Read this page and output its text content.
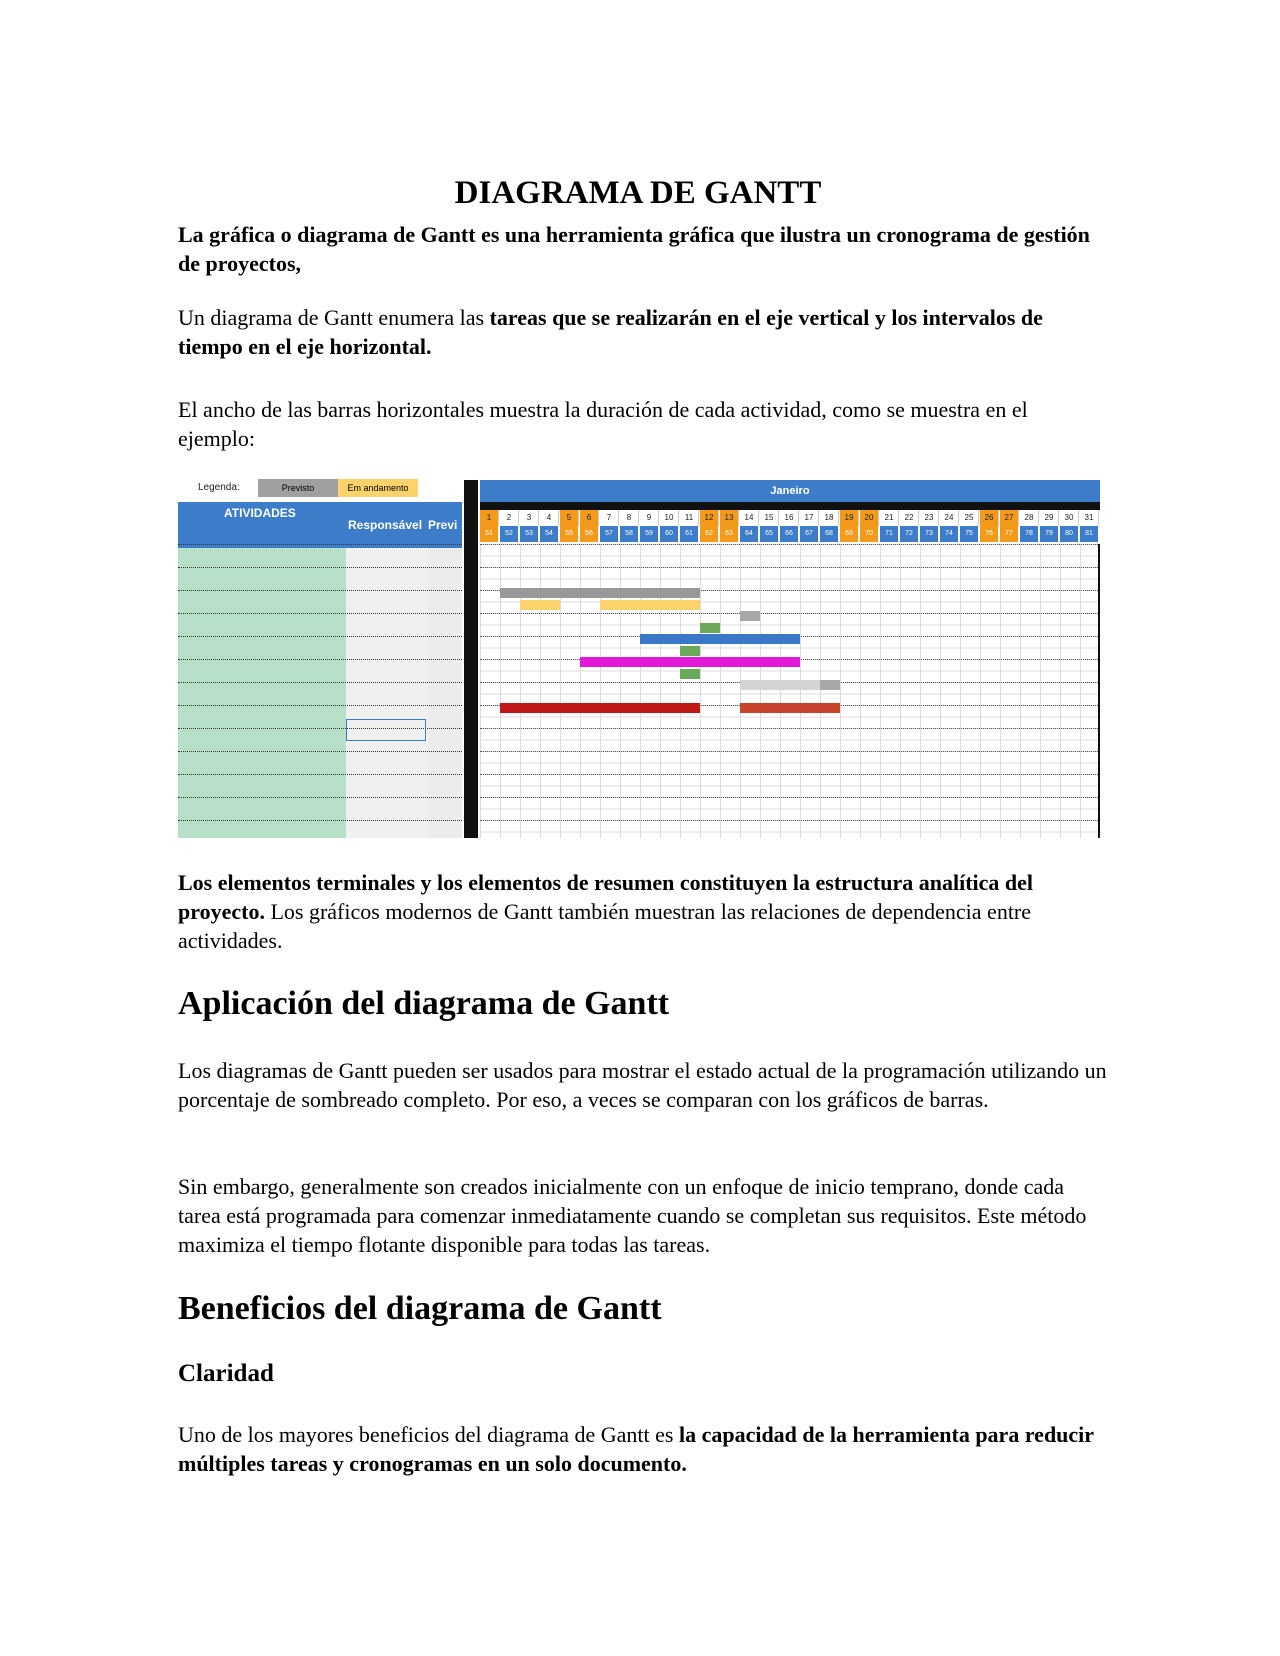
DIAGRAMA DE GANTT

La gráfica o diagrama de Gantt es una herramienta gráfica que ilustra un cronograma de gestión de proyectos,

Un diagrama de Gantt enumera las tareas que se realizarán en el eje vertical y los intervalos de tiempo en el eje horizontal.

El ancho de las barras horizontales muestra la duración de cada actividad, como se muestra en el ejemplo:

Los elementos terminales y los elementos de resumen constituyen la estructura analítica del proyecto. Los gráficos modernos de Gantt también muestran las relaciones de dependencia entre actividades.

Aplicación del diagrama de Gantt

Los diagramas de Gantt pueden ser usados para mostrar el estado actual de la programación utilizando un porcentaje de sombreado completo. Por eso, a veces se comparan con los gráficos de barras.

Sin embargo, generalmente son creados inicialmente con un enfoque de inicio temprano, donde cada tarea está programada para comenzar inmediatamente cuando se completan sus requisitos. Este método maximiza el tiempo flotante disponible para todas las tareas.

Beneficios del diagrama de Gantt
Claridad

Uno de los mayores beneficios del diagrama de Gantt es la capacidad de la herramienta para reducir múltiples tareas y cronogramas en un solo documento.

Legenda:	Previsto	Em andamento
ATIVIDADES
Responsável Previ
Janeiro
1	2	3	4	5	6	7	8	9	10	11	12	13	14	15	16	17	18	19	20	21	22	23	24	25	26	27	28	29	30	31
51	52	53	54	55	56	57	58	59	60	61	62	63	64	65	66	67	68	69	70	71	72	73	74	75	76	77	78	79	80	81
